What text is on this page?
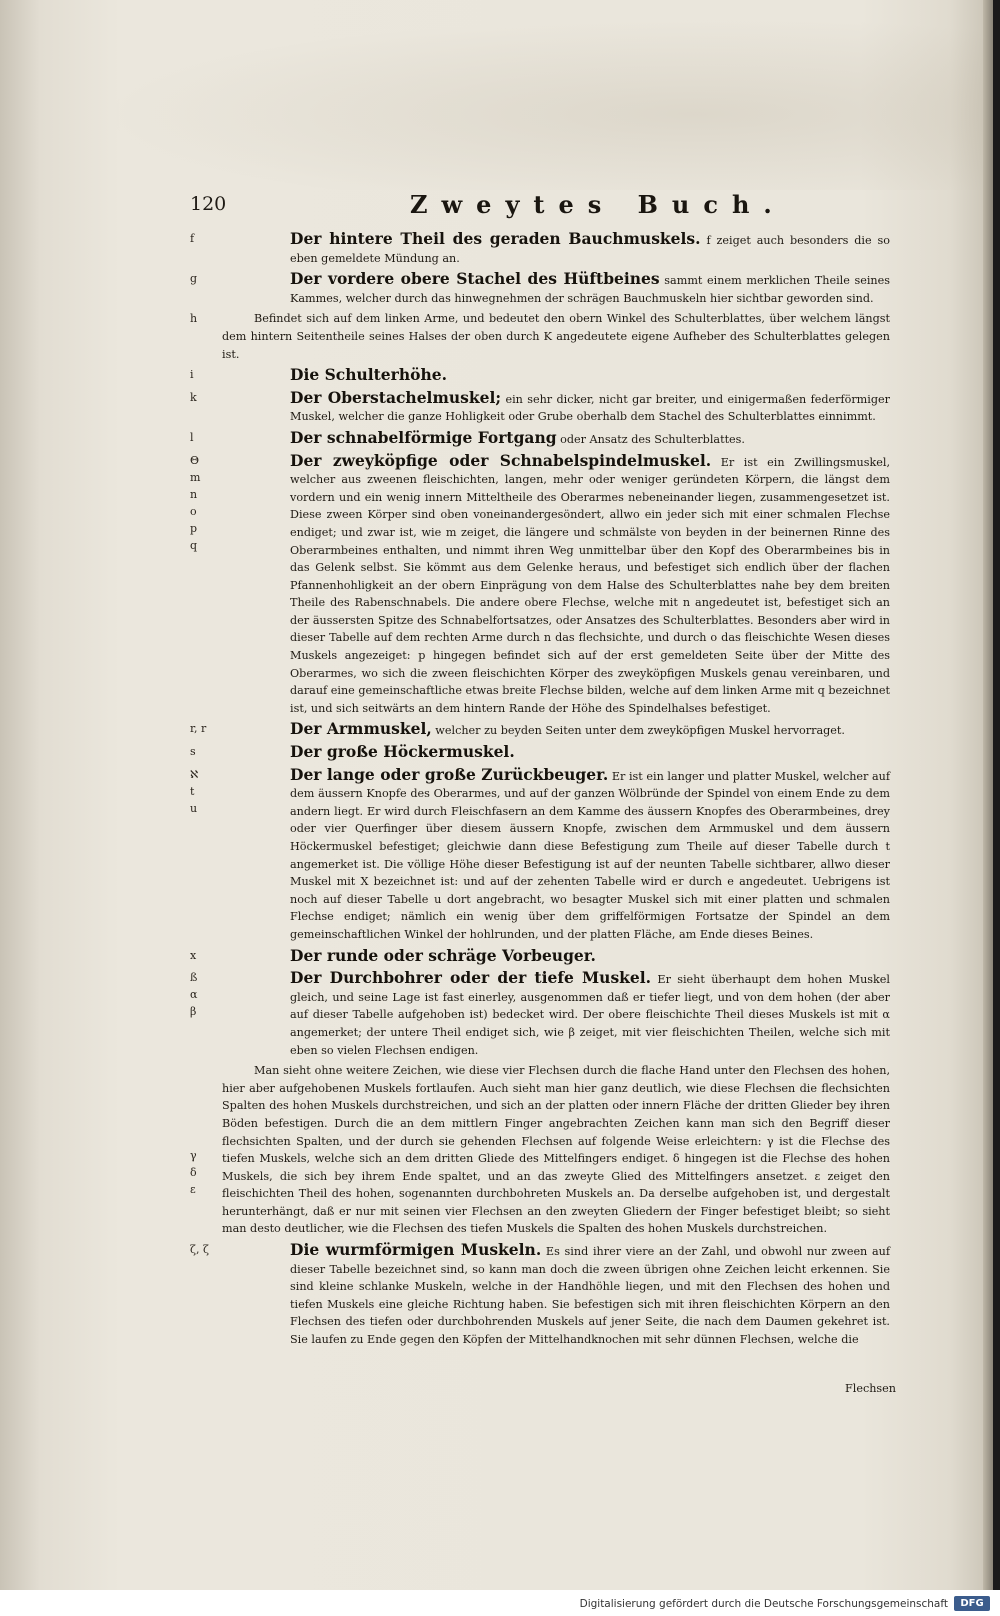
120	Zweytes Buch.
f	Der hintere Theil des geraden Bauchmuskels. f zeiget auch besonders die so eben gemeldete Mündung an.
g	Der vordere obere Stachel des Hüftbeines sammt einem merklichen Theile seines Kammes, welcher durch das hinwegnehmen der schrägen Bauchmuskeln hier sichtbar geworden sind.
h	Befindet sich auf dem linken Arme, und bedeutet den obern Winkel des Schulterblattes, über welchem längst dem hintern Seitentheile seines Halses der oben durch K angedeutete eigene Aufheber des Schulterblattes gelegen ist.
i	Die Schulterhöhe.
k	Der Oberstachelmuskel; ein sehr dicker, nicht gar breiter, und einigermaßen federförmiger Muskel, welcher die ganze Hohligkeit oder Grube oberhalb dem Stachel des Schulterblattes einnimmt.
l	Der schnabelförmige Fortgang oder Ansatz des Schulterblattes.
Θ
m
n
o
p
q
Der zweyköpfige oder Schnabelspindelmuskel. Er ist ein Zwillingsmuskel, welcher aus zweenen fleischichten, langen, mehr oder weniger geründeten Körpern, die längst dem vordern und ein wenig innern Mitteltheile des Oberarmes nebeneinander liegen, zusammengesetzet ist. Diese zween Körper sind oben voneinandergesöndert, allwo ein jeder sich mit einer schmalen Flechse endiget; und zwar ist, wie m zeiget, die längere und schmälste von beyden in der beinernen Rinne des Oberarmbeines enthalten, und nimmt ihren Weg unmittelbar über den Kopf des Oberarmbeines bis in das Gelenk selbst. Sie kömmt aus dem Gelenke heraus, und befestiget sich endlich über der flachen Pfannenhohligkeit an der obern Einprägung von dem Halse des Schulterblattes nahe bey dem breiten Theile des Rabenschnabels. Die andere obere Flechse, welche mit n angedeutet ist, befestiget sich an der äussersten Spitze des Schnabelfortsatzes, oder Ansatzes des Schulterblattes. Besonders aber wird in dieser Tabelle auf dem rechten Arme durch n das flechsichte, und durch o das fleischichte Wesen dieses Muskels angezeiget: p hingegen befindet sich auf der erst gemeldeten Seite über der Mitte des Oberarmes, wo sich die zween fleischichten Körper des zweyköpfigen Muskels genau vereinbaren, und darauf eine gemeinschaftliche etwas breite Flechse bilden, welche auf dem linken Arme mit q bezeichnet ist, und sich seitwärts an dem hintern Rande der Höhe des Spindelhalses befestiget.
r, r	Der Armmuskel, welcher zu beyden Seiten unter dem zweyköpfigen Muskel hervorraget.
s	Der große Höckermuskel.
ℵ
t
u
Der lange oder große Zurückbeuger. Er ist ein langer und platter Muskel, welcher auf dem äussern Knopfe des Oberarmes, und auf der ganzen Wölbründe der Spindel von einem Ende zu dem andern liegt. Er wird durch Fleischfasern an dem Kamme des äussern Knopfes des Oberarmbeines, drey oder vier Querfinger über diesem äussern Knopfe, zwischen dem Armmuskel und dem äussern Höckermuskel befestiget; gleichwie dann diese Befestigung zum Theile auf dieser Tabelle durch t angemerket ist. Die völlige Höhe dieser Befestigung ist auf der neunten Tabelle sichtbarer, allwo dieser Muskel mit X bezeichnet ist: und auf der zehenten Tabelle wird er durch e angedeutet. Uebrigens ist noch auf dieser Tabelle u dort angebracht, wo besagter Muskel sich mit einer platten und schmalen Flechse endiget; nämlich ein wenig über dem griffelförmigen Fortsatze der Spindel an dem gemeinschaftlichen Winkel der hohlrunden, und der platten Fläche, am Ende dieses Beines.
x	Der runde oder schräge Vorbeuger.
ß
α
β
Der Durchbohrer oder der tiefe Muskel. Er sieht überhaupt dem hohen Muskel gleich, und seine Lage ist fast einerley, ausgenommen daß er tiefer liegt, und von dem hohen (der aber auf dieser Tabelle aufgehoben ist) bedecket wird. Der obere fleischichte Theil dieses Muskels ist mit α angemerket; der untere Theil endiget sich, wie β zeiget, mit vier fleischichten Theilen, welche sich mit eben so vielen Flechsen endigen.

γ
δ
ε
Man sieht ohne weitere Zeichen, wie diese vier Flechsen durch die flache Hand unter den Flechsen des hohen, hier aber aufgehobenen Muskels fortlaufen. Auch sieht man hier ganz deutlich, wie diese Flechsen die flechsichten Spalten des hohen Muskels durchstreichen, und sich an der platten oder innern Fläche der dritten Glieder bey ihren Böden befestigen. Durch die an dem mittlern Finger angebrachten Zeichen kann man sich den Begriff dieser flechsichten Spalten, und der durch sie gehenden Flechsen auf folgende Weise erleichtern: γ ist die Flechse des tiefen Muskels, welche sich an dem dritten Gliede des Mittelfingers endiget. δ hingegen ist die Flechse des hohen Muskels, die sich bey ihrem Ende spaltet, und an das zweyte Glied des Mittelfingers ansetzet. ε zeiget den fleischichten Theil des hohen, sogenannten durchbohreten Muskels an. Da derselbe aufgehoben ist, und dergestalt herunterhängt, daß er nur mit seinen vier Flechsen an den zweyten Gliedern der Finger befestiget bleibt; so sieht man desto deutlicher, wie die Flechsen des tiefen Muskels die Spalten des hohen Muskels durchstreichen.
ζ, ζ	Die wurmförmigen Muskeln. Es sind ihrer viere an der Zahl, und obwohl nur zween auf dieser Tabelle bezeichnet sind, so kann man doch die zween übrigen ohne Zeichen leicht erkennen. Sie sind kleine schlanke Muskeln, welche in der Handhöhle liegen, und mit den Flechsen des hohen und tiefen Muskels eine gleiche Richtung haben. Sie befestigen sich mit ihren fleischichten Körpern an den Flechsen des tiefen oder durchbohrenden Muskels auf jener Seite, die nach dem Daumen gekehret ist. Sie laufen zu Ende gegen den Köpfen der Mittelhandknochen mit sehr dünnen Flechsen, welche die
Flechsen
Digitalisierung gefördert durch die Deutsche Forschungsgemeinschaft	DFG
